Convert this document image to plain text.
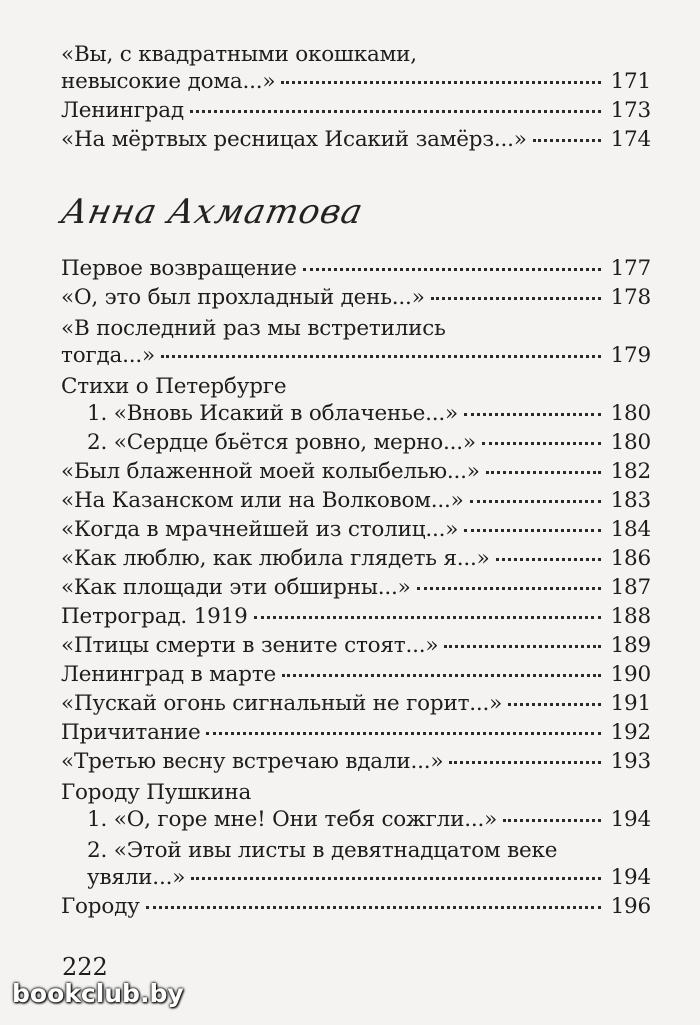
«Вы, с квадратными окошками,
невысокие дома...»	171
Ленинград	173
«На мёртвых ресницах Исакий замёрз...»	174
Анна Ахматова
Первое возвращение	177
«О, это был прохладный день...»	178
«В последний раз мы встретились
тогда...»	179
Стихи о Петербурге
1. «Вновь Исакий в облаченье...»	180
2. «Сердце бьётся ровно, мерно...»	180
«Был блаженной моей колыбелью...»	182
«На Казанском или на Волковом...»	183
«Когда в мрачнейшей из столиц...»	184
«Как люблю, как любила глядеть я...»	186
«Как площади эти обширны...»	187
Петроград. 1919	188
«Птицы смерти в зените стоят...»	189
Ленинград в марте	190
«Пускай огонь сигнальный не горит...»	191
Причитание	192
«Третью весну встречаю вдали...»	193
Городу Пушкина
1. «О, горе мне! Они тебя сожгли...»	194
2. «Этой ивы листы в девятнадцатом веке
увяли...»	194
Городу	196
222
bookclub.by
